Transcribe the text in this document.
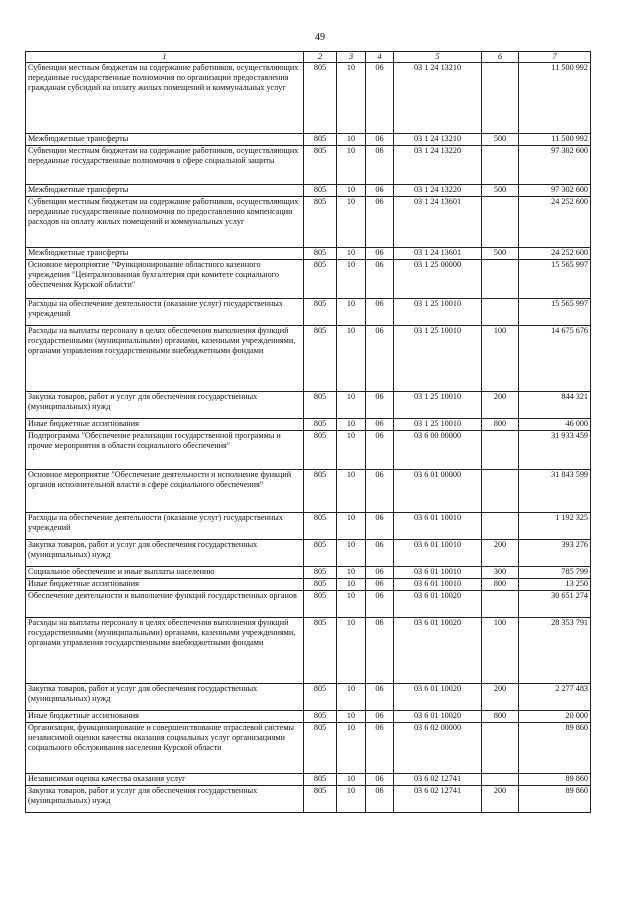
49
1	2	3	4	5	6	7
Субвенции местным бюджетам на содержание работников, осуществляющих переданные государственные полномочия по организации предоставления гражданам субсидий на оплату жилых помещений и коммунальных услуг	805	10	06	03 1 24 13210		11 500 992
Межбюджетные трансферты	805	10	06	03 1 24 13210	500	11 500 992
Субвенции местным бюджетам на содержание работников, осуществляющих переданные государственные полномочия в сфере социальной защиты	805	10	06	03 1 24 13220		97 302 600
Межбюджетные трансферты	805	10	06	03 1 24 13220	500	97 302 600
Субвенции местным бюджетам на содержание работников, осуществляющих переданные государственные полномочия по предоставлению компенсации расходов на оплату жилых помещений и коммунальных услуг	805	10	06	03 1 24 13601		24 252 600
Межбюджетные трансферты	805	10	06	03 1 24 13601	500	24 252 600
Основное мероприятие "Функционирование областного казенного учреждения "Централизованная бухгалтерия при комитете социального обеспечения Курской области"	805	10	06	03 1 25 00000		15 565 997
Расходы на обеспечение деятельности (оказание услуг) государственных учреждений	805	10	06	03 1 25 10010		15 565 997
Расходы на выплаты персоналу в целях обеспечения выполнения функций государственными (муниципальными) органами, казенными учреждениями, органами управления государственными внебюджетными фондами	805	10	06	03 1 25 10010	100	14 675 676
Закупка товаров, работ и услуг для обеспечения государственных (муниципальных) нужд	805	10	06	03 1 25 10010	200	844 321
Иные бюджетные ассигнования	805	10	06	03 1 25 10010	800	46 000
Подпрограмма "Обеспечение реализации государственной программы и прочие мероприятия в области социального обеспечения"	805	10	06	03 6 00 00000		31 933 459
Основное мероприятие "Обеспечение деятельности и исполнение функций органов исполнительной власти в сфере социального обеспечения"	805	10	06	03 6 01 00000		31 843 599
Расходы на обеспечение деятельности (оказание услуг) государственных учреждений	805	10	06	03 6 01 10010		1 192 325
Закупка товаров, работ и услуг для обеспечения государственных (муниципальных) нужд	805	10	06	03 6 01 10010	200	393 276
Социальное обеспечение и иные выплаты населению	805	10	06	03 6 01 10010	300	785 799
Иные бюджетные ассигнования	805	10	06	03 6 01 10010	800	13 250
Обеспечение деятельности и выполнение функций государственных органов	805	10	06	03 6 01 10020		30 651 274
Расходы на выплаты персоналу в целях обеспечения выполнения функций государственными (муниципальными) органами, казенными учреждениями, органами управления государственными внебюджетными фондами	805	10	06	03 6 01 10020	100	28 353 791
Закупка товаров, работ и услуг для обеспечения государственных (муниципальных) нужд	805	10	06	03 6 01 10020	200	2 277 483
Иные бюджетные ассигнования	805	10	06	03 6 01 10020	800	20 000
Организация, функционирование и совершенствование отраслевой системы независимой оценки качества оказания социальных услуг организациями социального обслуживания населения Курской области	805	10	06	03 6 02 00000		89 860
Независимая оценка качества оказания услуг	805	10	06	03 6 02 12741		89 860
Закупка товаров, работ и услуг для обеспечения государственных (муниципальных) нужд	805	10	06	03 6 02 12741	200	89 860
